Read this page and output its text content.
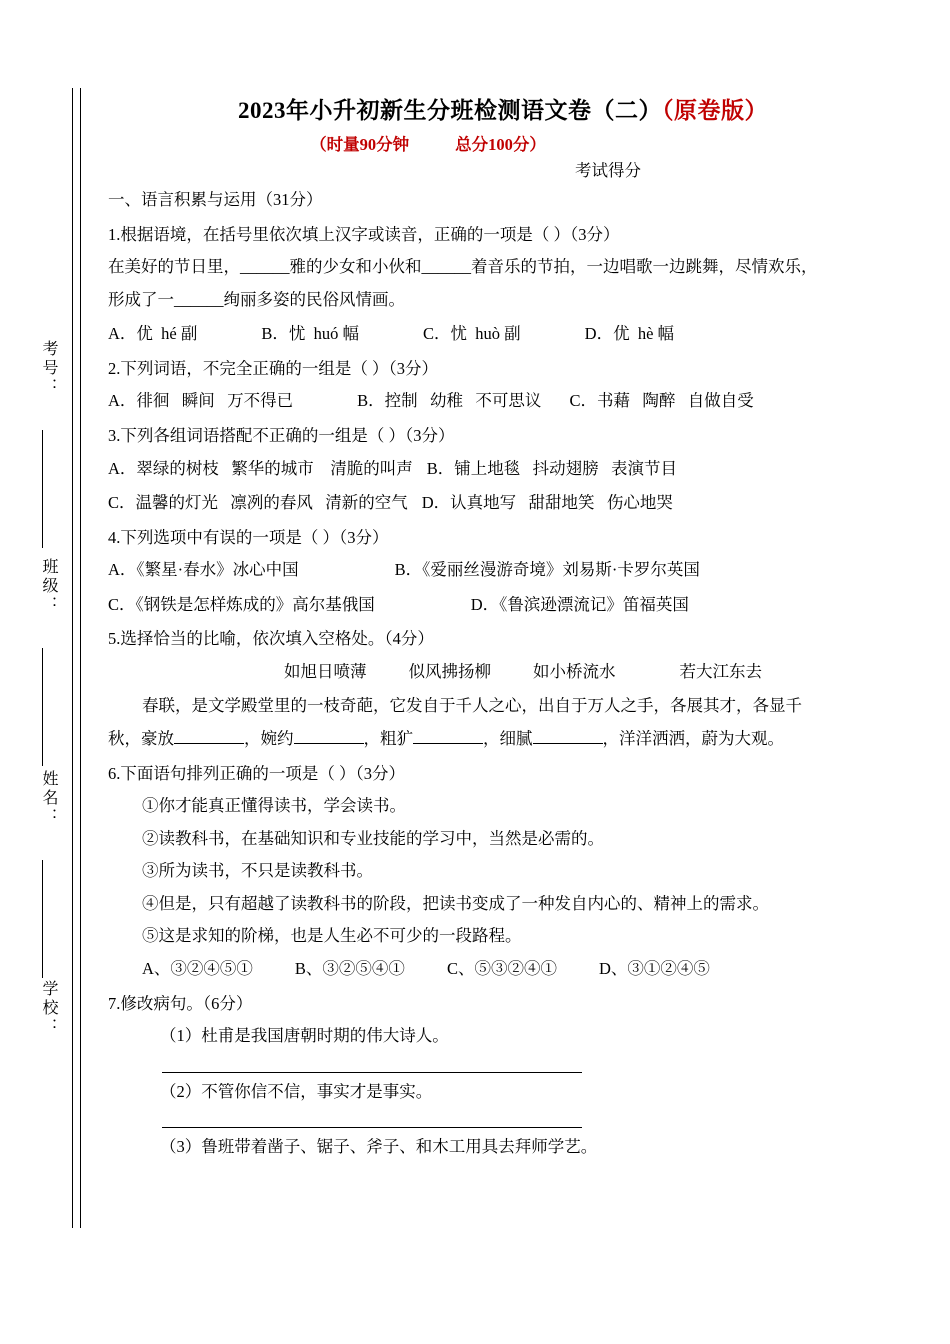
考号：
班级：
姓名：
学校：
2023年小升初新生分班检测语文卷（二）（原卷版）

（时量90分钟	总分100分）

考试得分

一、语言积累与运用（31分）

1.根据语境，在括号里依次填上汉字或读音，正确的一项是（ ）（3分）

在美好的节日里，______雅的少女和小伙和______着音乐的节拍，一边唱歌一边跳舞，尽情欢乐，

形成了一______绚丽多姿的民俗风情画。

A．优  hé 副	B．忧  huó 幅	C．忧  huò 副	D．优  hè 幅

2.下列词语，不完全正确的一组是（ ）（3分）

A．徘徊   瞬间   万不得已	B．控制   幼稚   不可思议 C．书藉   陶醉   自做自受

3.下列各组词语搭配不正确的一组是（ ）（3分）

A．翠绿的树枝   繁华的城市    清脆的叫声 B．铺上地毯   抖动翅膀   表演节目
C．温馨的灯光   凛冽的春风   清新的空气 D．认真地写   甜甜地笑   伤心地哭

4.下列选项中有误的一项是（ ）（3分）

A．《繁星·春水》冰心中国	B．《爱丽丝漫游奇境》刘易斯·卡罗尔英国
C．《钢铁是怎样炼成的》高尔基俄国	D．《鲁滨逊漂流记》笛福英国

5.选择恰当的比喻，依次填入空格处。（4分）

如旭日喷薄	似风拂扬柳	如小桥流水	若大江东去

春联，是文学殿堂里的一枝奇葩，它发自于千人之心，出自于万人之手，各展其才，各显千

秋，豪放	，婉约	，粗犷	，细腻	，洋洋洒洒，蔚为大观。

6.下面语句排列正确的一项是（ ）（3分）

①你才能真正懂得读书，学会读书。

②读教科书，在基础知识和专业技能的学习中，当然是必需的。

③所为读书，不只是读教科书。

④但是，只有超越了读教科书的阶段，把读书变成了一种发自内心的、精神上的需求。

⑤这是求知的阶梯，也是人生必不可少的一段路程。

A、③②④⑤①	B、③②⑤④①	C、⑤③②④①	D、③①②④⑤

7.修改病句。（6分）

（1）杜甫是我国唐朝时期的伟大诗人。

（2）不管你信不信，事实才是事实。

（3）鲁班带着凿子、锯子、斧子、和木工用具去拜师学艺。
